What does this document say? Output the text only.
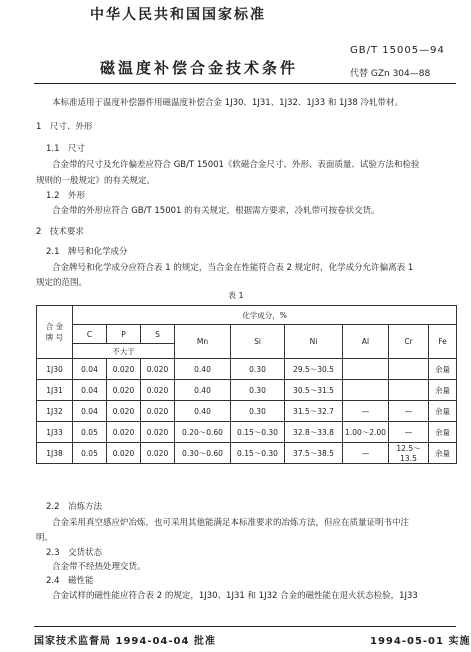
中华人民共和国国家标准
GB/T 15005—94
磁温度补偿合金技术条件	代替 GZn 304—88
本标准适用于温度补偿器件用磁温度补偿合金 1J30、1J31、1J32、1J33 和 1J38 冷轧带材。
1　尺寸、外形
1.1　尺寸
合金带的尺寸及允许偏差应符合 GB/T 15001《软磁合金尺寸、外形、表面质量、试验方法和检验
规则的一般规定》的有关规定。
1.2　外形
合金带的外形应符合 GB/T 15001 的有关规定，根据需方要求，冷轧带可按卷状交货。
2　技术要求
2.1　牌号和化学成分
合金牌号和化学成分应符合表 1 的规定，当合金在性能符合表 2 规定时，化学成分允许偏离表 1
规定的范围。
表 1
合 金
牌 号	化学成分，%								
	C	P	S	Mn	Si	Ni	Al	Cr	Fe
	不大于								
1J30	0.04	0.020	0.020	0.40	0.30	29.5～30.5			余量
1J31	0.04	0.020	0.020	0.40	0.30	30.5～31.5			余量
1J32	0.04	0.020	0.020	0.40	0.30	31.5～32.7	—	—	余量
1J33	0.05	0.020	0.020	0.20～0.60	0.15～0.30	32.8～33.8	1.00～2.00	—	余量
1J38	0.05	0.020	0.020	0.30～0.60	0.15～0.30	37.5～38.5	—	12.5～13.5	余量
2.2　冶炼方法
合金采用真空感应炉冶炼，也可采用其他能满足本标准要求的冶炼方法，但应在质量证明书中注
明。
2.3　交货状态
合金带不经热处理交货。
2.4　磁性能
合金试样的磁性能应符合表 2 的规定，1J30、1J31 和 1J32 合金的磁性能在退火状态检验，1J33
国家技术监督局 1994-04-04 批准	1994-05-01 实施
